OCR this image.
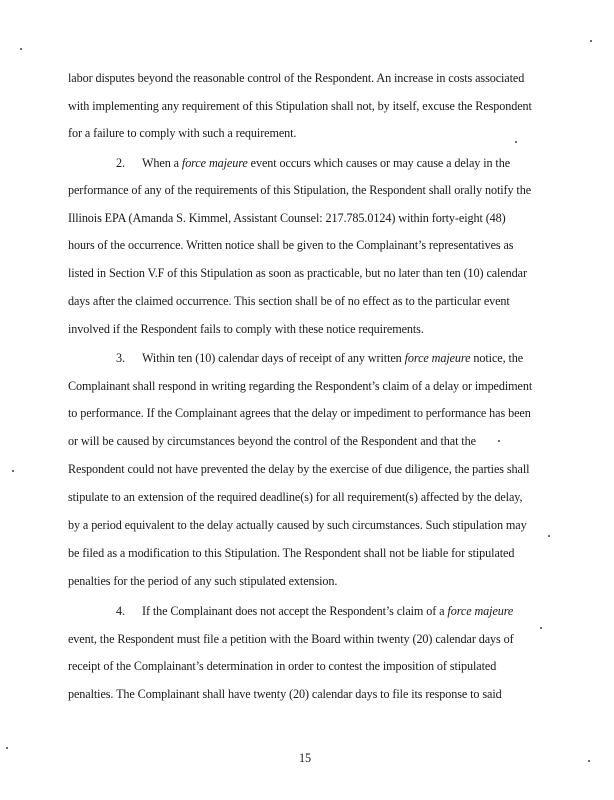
labor disputes beyond the reasonable control of the Respondent. An increase in costs associated
with implementing any requirement of this Stipulation shall not, by itself, excuse the Respondent
for a failure to comply with such a requirement.
2. When a force majeure event occurs which causes or may cause a delay in the
performance of any of the requirements of this Stipulation, the Respondent shall orally notify the
Illinois EPA (Amanda S. Kimmel, Assistant Counsel: 217.785.0124) within forty-eight (48)
hours of the occurrence. Written notice shall be given to the Complainant’s representatives as
listed in Section V.F of this Stipulation as soon as practicable, but no later than ten (10) calendar
days after the claimed occurrence. This section shall be of no effect as to the particular event
involved if the Respondent fails to comply with these notice requirements.
3. Within ten (10) calendar days of receipt of any written force majeure notice, the
Complainant shall respond in writing regarding the Respondent’s claim of a delay or impediment
to performance. If the Complainant agrees that the delay or impediment to performance has been
or will be caused by circumstances beyond the control of the Respondent and that the
Respondent could not have prevented the delay by the exercise of due diligence, the parties shall
stipulate to an extension of the required deadline(s) for all requirement(s) affected by the delay,
by a period equivalent to the delay actually caused by such circumstances. Such stipulation may
be filed as a modification to this Stipulation. The Respondent shall not be liable for stipulated
penalties for the period of any such stipulated extension.
4. If the Complainant does not accept the Respondent’s claim of a force majeure
event, the Respondent must file a petition with the Board within twenty (20) calendar days of
receipt of the Complainant’s determination in order to contest the imposition of stipulated
penalties. The Complainant shall have twenty (20) calendar days to file its response to said
15
